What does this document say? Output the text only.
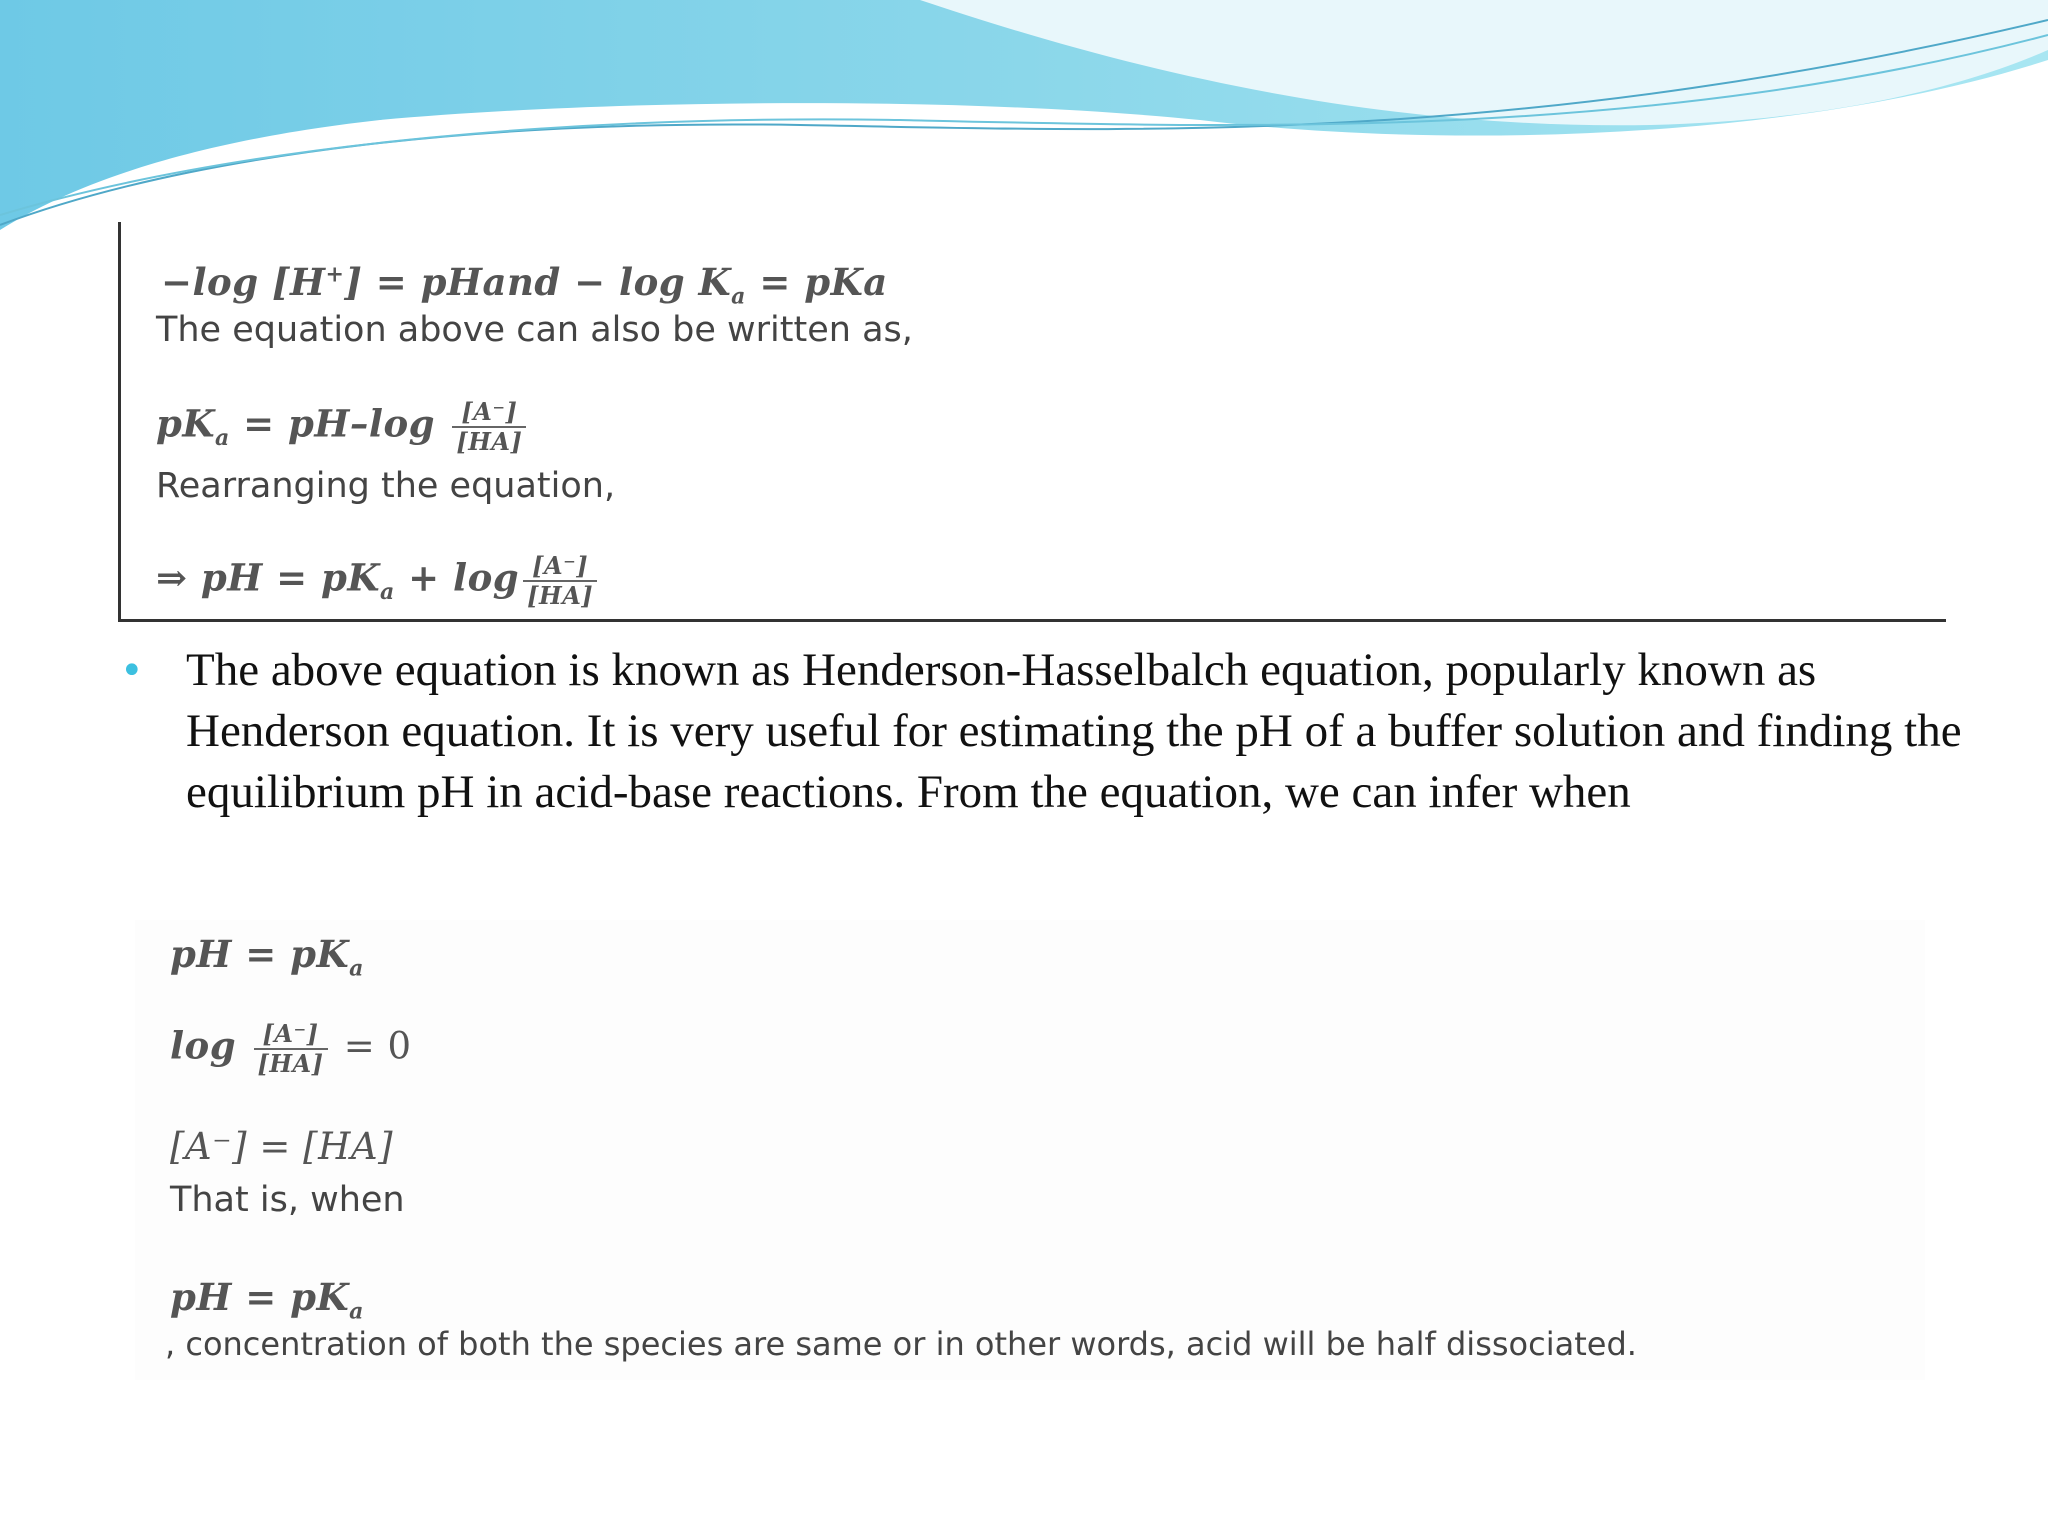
−log [H+] = pHand − $\log K_a$ = pKa
The equation above can also be written as,
$pK_a = pH-\log \frac{[A^-]}{[HA]}$
Rearranging the equation,
⇒ pH = $pK_a + \log \frac{[A^-]}{[HA]}$
• The above equation is known as Henderson-Hasselbalch equation, popularly known as Henderson equation. It is very useful for estimating the pH of a buffer solution and finding the equilibrium pH in acid-base reactions. From the equation, we can infer when
pH = $pK_a$
$\log \frac{[A^-]}{[HA]} = 0$
[A⁻] = [HA]
That is, when
pH = $pK_a$
, concentration of both the species are same or in other words, acid will be half dissociated.
